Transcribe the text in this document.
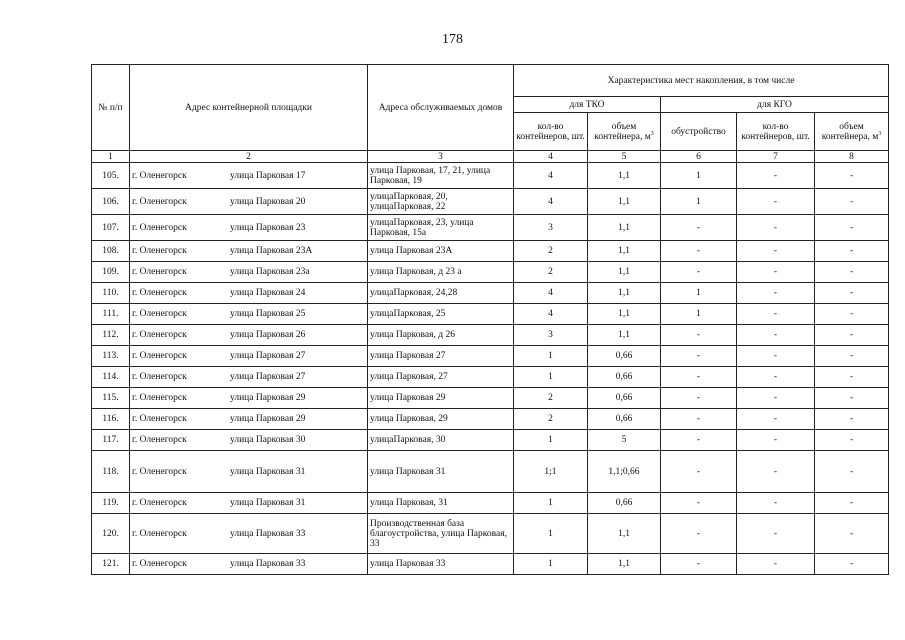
178
№ п/п	Адрес контейнерной площадки	Адреса обслуживаемых домов	Характеристика мест накопления, в том числе				
			для ТКО		для КГО		
			кол-во контейнеров, шт.	объем контейнера, $м^3$	обустройство	кол-во контейнеров, шт.	объем контейнера, $м^3$
1	2	3	4	5	6	7	8
105.	г. Оленегорск улица Парковая 17	улица Парковая, 17, 21, улица Парковая, 19	4	1,1	1	-	-
106.	г. Оленегорск улица Парковая 20	улицаПарковая, 20, улицаПарковая, 22	4	1,1	1	-	-
107.	г. Оленегорск улица Парковая 23	улицаПарковая, 23, улица Парковая, 15а	3	1,1	-	-	-
108.	г. Оленегорск улица Парковая 23А	улица Парковая 23А	2	1,1	-	-	-
109.	г. Оленегорск улица Парковая 23а	улица Парковая, д 23 а	2	1,1	-	-	-
110.	г. Оленегорск улица Парковая 24	улицаПарковая, 24,28	4	1,1	1	-	-
111.	г. Оленегорск улица Парковая 25	улицаПарковая, 25	4	1,1	1	-	-
112.	г. Оленегорск улица Парковая 26	улица Парковая, д 26	3	1,1	-	-	-
113.	г. Оленегорск улица Парковая 27	улица Парковая 27	1	0,66	-	-	-
114.	г. Оленегорск улица Парковая 27	улица Парковая, 27	1	0,66	-	-	-
115.	г. Оленегорск улица Парковая 29	улица Парковая 29	2	0,66	-	-	-
116.	г. Оленегорск улица Парковая 29	улица Парковая, 29	2	0,66	-	-	-
117.	г. Оленегорск улица Парковая 30	улицаПарковая, 30	1	5	-	-	-
118.	г. Оленегорск улица Парковая 31	улица Парковая 31	1;1	1,1;0,66	-	-	-
119.	г. Оленегорск улица Парковая 31	улица Парковая, 31	1	0,66	-	-	-
120.	г. Оленегорск улица Парковая 33	Производственная база благоустройства, улица Парковая, 33	1	1,1	-	-	-
121.	г. Оленегорск улица Парковая 33	улица Парковая 33	1	1,1	-	-	-
